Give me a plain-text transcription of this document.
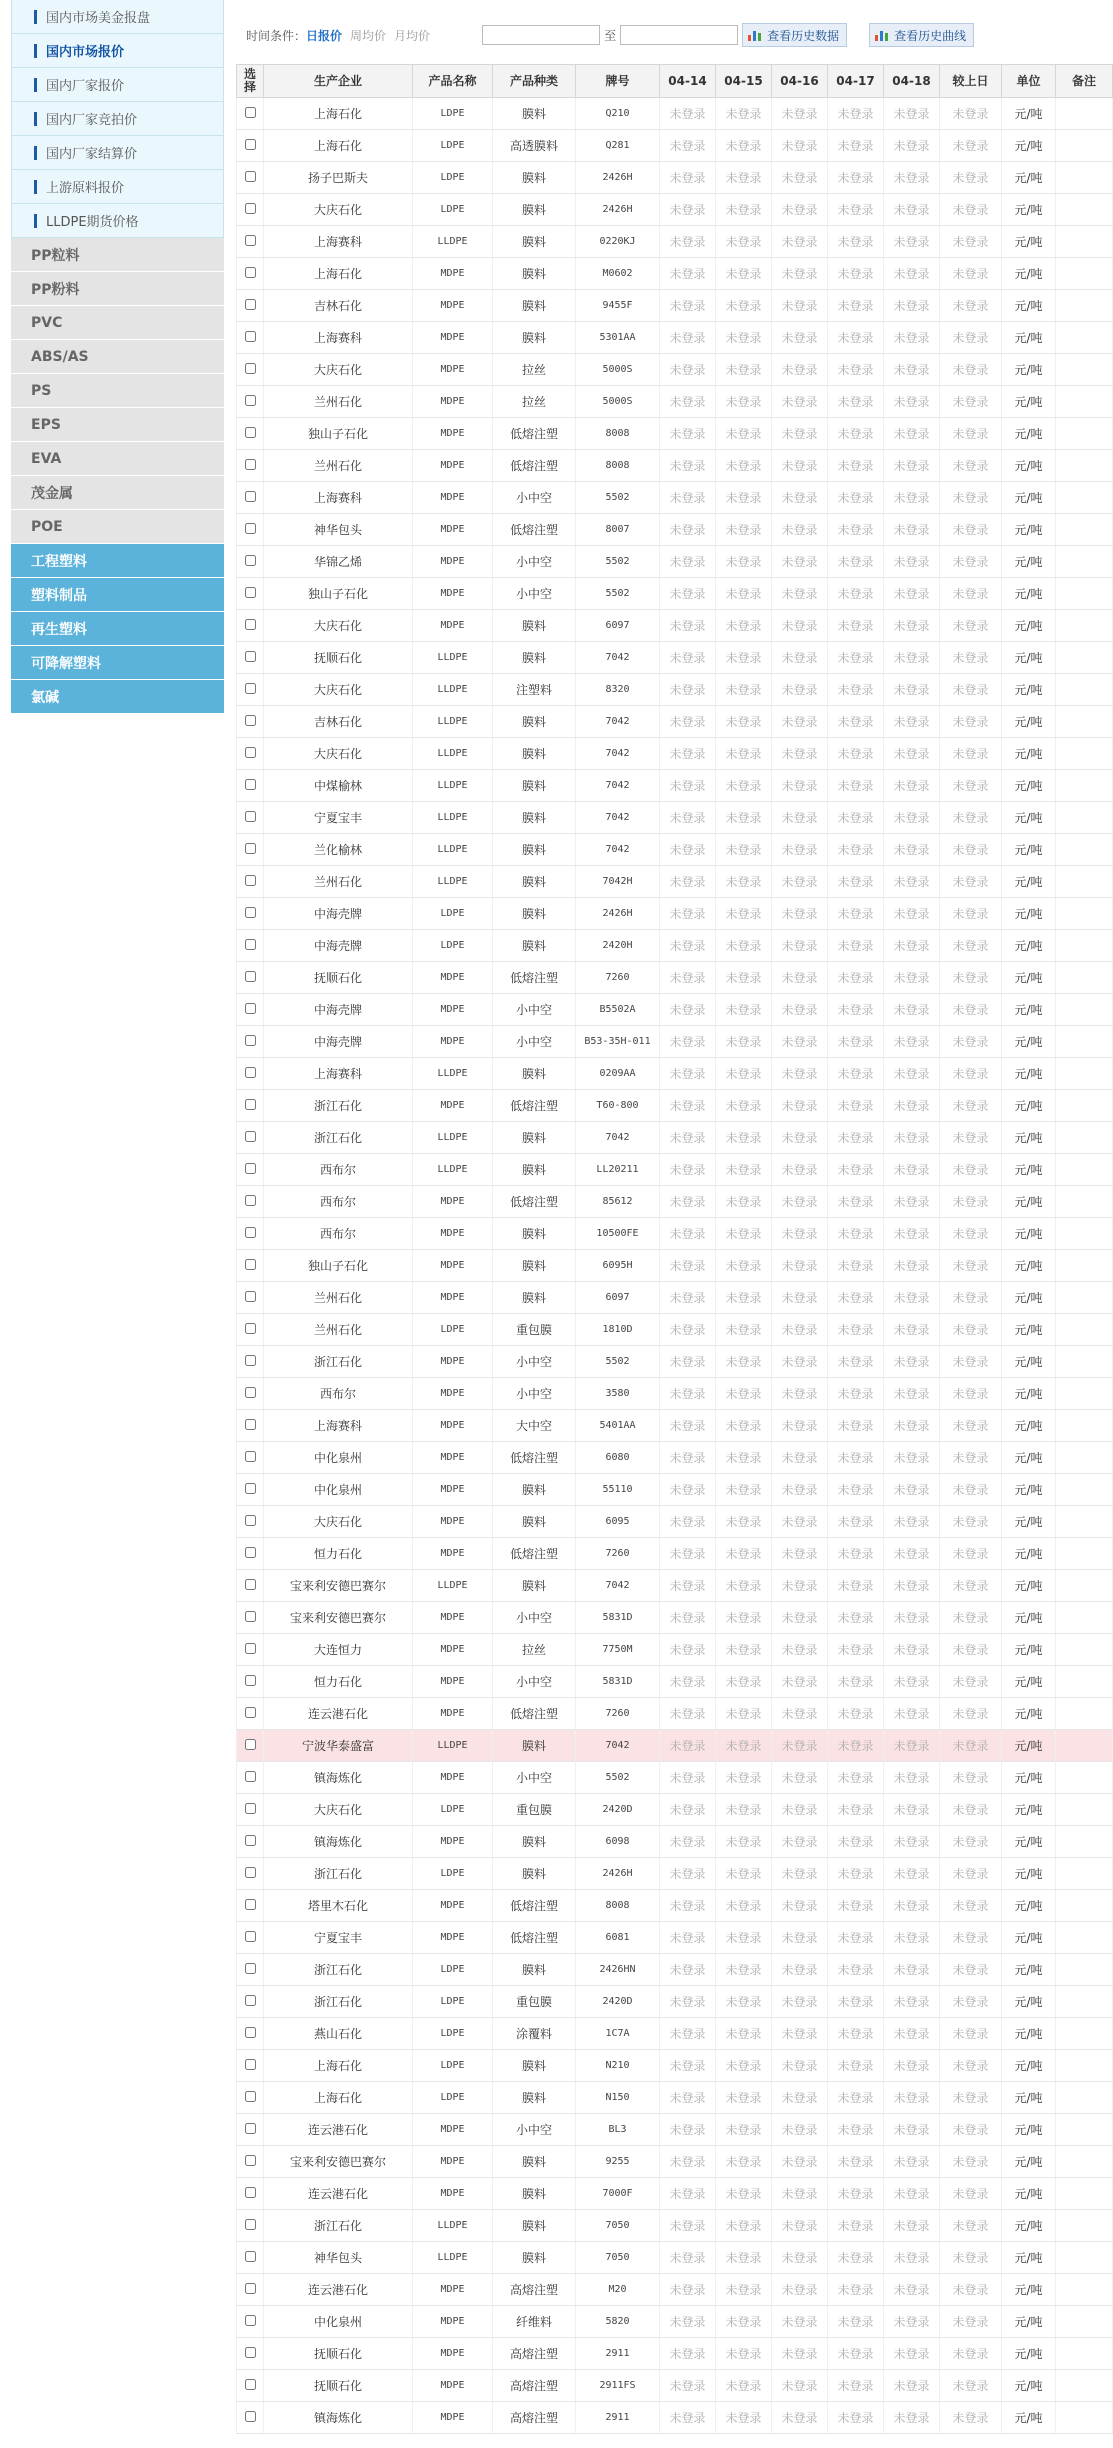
国内市场美金报盘
国内市场报价
国内厂家报价
国内厂家竞拍价
国内厂家结算价
上游原料报价
LLDPE期货价格
PP粒料
PP粉料
PVC
ABS/AS
PS
EPS
EVA
茂金属
POE
工程塑料
塑料制品
再生塑料
可降解塑料
氯碱
时间条件： 日报价 周均价 月均价	至	查看历史数据	查看历史曲线
选择	生产企业	产品名称	产品种类	牌号	04-14	04-15	04-16	04-17	04-18	较上日	单位	备注
	上海石化	LDPE	膜料	Q210	未登录	未登录	未登录	未登录	未登录	未登录	元/吨	
	上海石化	LDPE	高透膜料	Q281	未登录	未登录	未登录	未登录	未登录	未登录	元/吨	
	扬子巴斯夫	LDPE	膜料	2426H	未登录	未登录	未登录	未登录	未登录	未登录	元/吨	
	大庆石化	LDPE	膜料	2426H	未登录	未登录	未登录	未登录	未登录	未登录	元/吨	
	上海赛科	LLDPE	膜料	0220KJ	未登录	未登录	未登录	未登录	未登录	未登录	元/吨	
	上海石化	MDPE	膜料	M0602	未登录	未登录	未登录	未登录	未登录	未登录	元/吨	
	吉林石化	MDPE	膜料	9455F	未登录	未登录	未登录	未登录	未登录	未登录	元/吨	
	上海赛科	MDPE	膜料	5301AA	未登录	未登录	未登录	未登录	未登录	未登录	元/吨	
	大庆石化	MDPE	拉丝	5000S	未登录	未登录	未登录	未登录	未登录	未登录	元/吨	
	兰州石化	MDPE	拉丝	5000S	未登录	未登录	未登录	未登录	未登录	未登录	元/吨	
	独山子石化	MDPE	低熔注塑	8008	未登录	未登录	未登录	未登录	未登录	未登录	元/吨	
	兰州石化	MDPE	低熔注塑	8008	未登录	未登录	未登录	未登录	未登录	未登录	元/吨	
	上海赛科	MDPE	小中空	5502	未登录	未登录	未登录	未登录	未登录	未登录	元/吨	
	神华包头	MDPE	低熔注塑	8007	未登录	未登录	未登录	未登录	未登录	未登录	元/吨	
	华锦乙烯	MDPE	小中空	5502	未登录	未登录	未登录	未登录	未登录	未登录	元/吨	
	独山子石化	MDPE	小中空	5502	未登录	未登录	未登录	未登录	未登录	未登录	元/吨	
	大庆石化	MDPE	膜料	6097	未登录	未登录	未登录	未登录	未登录	未登录	元/吨	
	抚顺石化	LLDPE	膜料	7042	未登录	未登录	未登录	未登录	未登录	未登录	元/吨	
	大庆石化	LLDPE	注塑料	8320	未登录	未登录	未登录	未登录	未登录	未登录	元/吨	
	吉林石化	LLDPE	膜料	7042	未登录	未登录	未登录	未登录	未登录	未登录	元/吨	
	大庆石化	LLDPE	膜料	7042	未登录	未登录	未登录	未登录	未登录	未登录	元/吨	
	中煤榆林	LLDPE	膜料	7042	未登录	未登录	未登录	未登录	未登录	未登录	元/吨	
	宁夏宝丰	LLDPE	膜料	7042	未登录	未登录	未登录	未登录	未登录	未登录	元/吨	
	兰化榆林	LLDPE	膜料	7042	未登录	未登录	未登录	未登录	未登录	未登录	元/吨	
	兰州石化	LLDPE	膜料	7042H	未登录	未登录	未登录	未登录	未登录	未登录	元/吨	
	中海壳牌	LDPE	膜料	2426H	未登录	未登录	未登录	未登录	未登录	未登录	元/吨	
	中海壳牌	LDPE	膜料	2420H	未登录	未登录	未登录	未登录	未登录	未登录	元/吨	
	抚顺石化	MDPE	低熔注塑	7260	未登录	未登录	未登录	未登录	未登录	未登录	元/吨	
	中海壳牌	MDPE	小中空	B5502A	未登录	未登录	未登录	未登录	未登录	未登录	元/吨	
	中海壳牌	MDPE	小中空	B53-35H-011	未登录	未登录	未登录	未登录	未登录	未登录	元/吨	
	上海赛科	LLDPE	膜料	0209AA	未登录	未登录	未登录	未登录	未登录	未登录	元/吨	
	浙江石化	MDPE	低熔注塑	T60-800	未登录	未登录	未登录	未登录	未登录	未登录	元/吨	
	浙江石化	LLDPE	膜料	7042	未登录	未登录	未登录	未登录	未登录	未登录	元/吨	
	西布尔	LLDPE	膜料	LL20211	未登录	未登录	未登录	未登录	未登录	未登录	元/吨	
	西布尔	MDPE	低熔注塑	85612	未登录	未登录	未登录	未登录	未登录	未登录	元/吨	
	西布尔	MDPE	膜料	10500FE	未登录	未登录	未登录	未登录	未登录	未登录	元/吨	
	独山子石化	MDPE	膜料	6095H	未登录	未登录	未登录	未登录	未登录	未登录	元/吨	
	兰州石化	MDPE	膜料	6097	未登录	未登录	未登录	未登录	未登录	未登录	元/吨	
	兰州石化	LDPE	重包膜	1810D	未登录	未登录	未登录	未登录	未登录	未登录	元/吨	
	浙江石化	MDPE	小中空	5502	未登录	未登录	未登录	未登录	未登录	未登录	元/吨	
	西布尔	MDPE	小中空	3580	未登录	未登录	未登录	未登录	未登录	未登录	元/吨	
	上海赛科	MDPE	大中空	5401AA	未登录	未登录	未登录	未登录	未登录	未登录	元/吨	
	中化泉州	MDPE	低熔注塑	6080	未登录	未登录	未登录	未登录	未登录	未登录	元/吨	
	中化泉州	MDPE	膜料	55110	未登录	未登录	未登录	未登录	未登录	未登录	元/吨	
	大庆石化	MDPE	膜料	6095	未登录	未登录	未登录	未登录	未登录	未登录	元/吨	
	恒力石化	MDPE	低熔注塑	7260	未登录	未登录	未登录	未登录	未登录	未登录	元/吨	
	宝来利安德巴赛尔	LLDPE	膜料	7042	未登录	未登录	未登录	未登录	未登录	未登录	元/吨	
	宝来利安德巴赛尔	MDPE	小中空	5831D	未登录	未登录	未登录	未登录	未登录	未登录	元/吨	
	大连恒力	MDPE	拉丝	7750M	未登录	未登录	未登录	未登录	未登录	未登录	元/吨	
	恒力石化	MDPE	小中空	5831D	未登录	未登录	未登录	未登录	未登录	未登录	元/吨	
	连云港石化	MDPE	低熔注塑	7260	未登录	未登录	未登录	未登录	未登录	未登录	元/吨	
	宁波华泰盛富	LLDPE	膜料	7042	未登录	未登录	未登录	未登录	未登录	未登录	元/吨	
	镇海炼化	MDPE	小中空	5502	未登录	未登录	未登录	未登录	未登录	未登录	元/吨	
	大庆石化	LDPE	重包膜	2420D	未登录	未登录	未登录	未登录	未登录	未登录	元/吨	
	镇海炼化	MDPE	膜料	6098	未登录	未登录	未登录	未登录	未登录	未登录	元/吨	
	浙江石化	LDPE	膜料	2426H	未登录	未登录	未登录	未登录	未登录	未登录	元/吨	
	塔里木石化	MDPE	低熔注塑	8008	未登录	未登录	未登录	未登录	未登录	未登录	元/吨	
	宁夏宝丰	MDPE	低熔注塑	6081	未登录	未登录	未登录	未登录	未登录	未登录	元/吨	
	浙江石化	LDPE	膜料	2426HN	未登录	未登录	未登录	未登录	未登录	未登录	元/吨	
	浙江石化	LDPE	重包膜	2420D	未登录	未登录	未登录	未登录	未登录	未登录	元/吨	
	燕山石化	LDPE	涂覆料	1C7A	未登录	未登录	未登录	未登录	未登录	未登录	元/吨	
	上海石化	LDPE	膜料	N210	未登录	未登录	未登录	未登录	未登录	未登录	元/吨	
	上海石化	LDPE	膜料	N150	未登录	未登录	未登录	未登录	未登录	未登录	元/吨	
	连云港石化	MDPE	小中空	BL3	未登录	未登录	未登录	未登录	未登录	未登录	元/吨	
	宝来利安德巴赛尔	MDPE	膜料	9255	未登录	未登录	未登录	未登录	未登录	未登录	元/吨	
	连云港石化	MDPE	膜料	7000F	未登录	未登录	未登录	未登录	未登录	未登录	元/吨	
	浙江石化	LLDPE	膜料	7050	未登录	未登录	未登录	未登录	未登录	未登录	元/吨	
	神华包头	LLDPE	膜料	7050	未登录	未登录	未登录	未登录	未登录	未登录	元/吨	
	连云港石化	MDPE	高熔注塑	M20	未登录	未登录	未登录	未登录	未登录	未登录	元/吨	
	中化泉州	MDPE	纤维料	5820	未登录	未登录	未登录	未登录	未登录	未登录	元/吨	
	抚顺石化	MDPE	高熔注塑	2911	未登录	未登录	未登录	未登录	未登录	未登录	元/吨	
	抚顺石化	MDPE	高熔注塑	2911FS	未登录	未登录	未登录	未登录	未登录	未登录	元/吨	
	镇海炼化	MDPE	高熔注塑	2911	未登录	未登录	未登录	未登录	未登录	未登录	元/吨	
